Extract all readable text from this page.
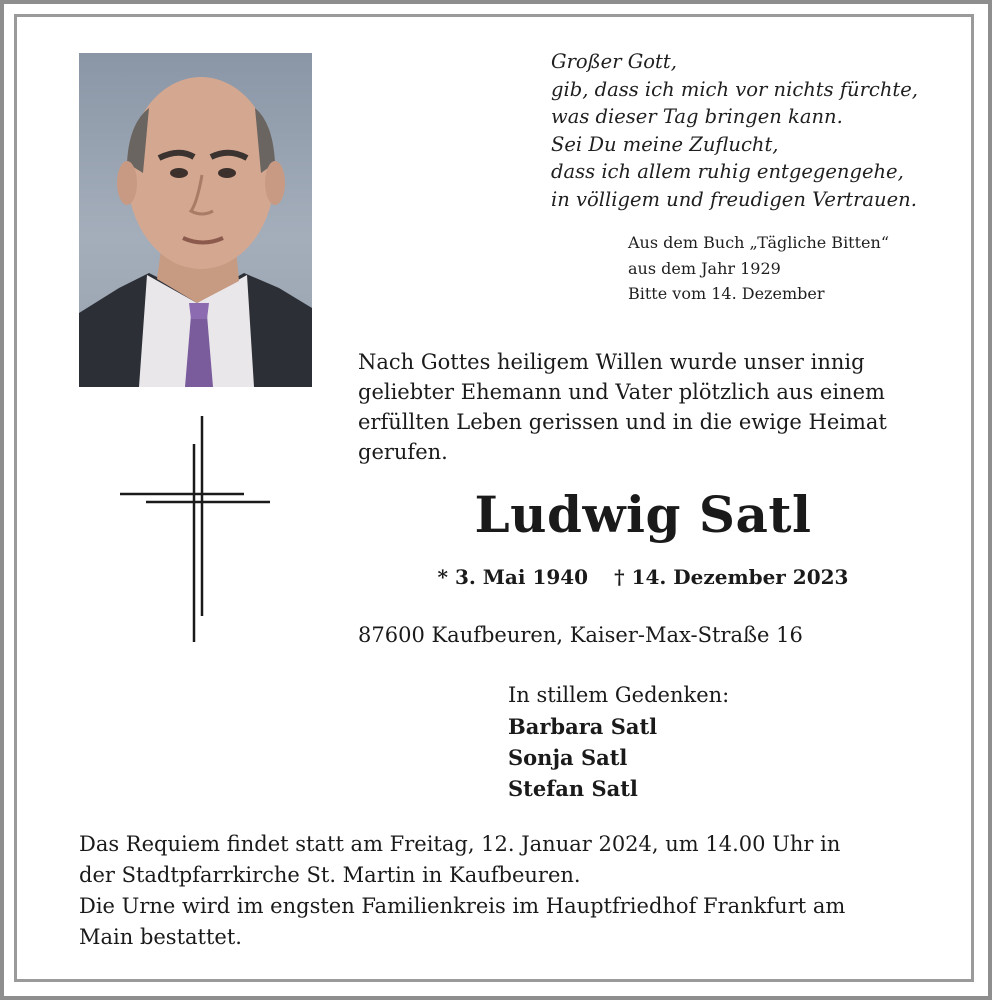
Großer Gott,
gib, dass ich mich vor nichts fürchte,
was dieser Tag bringen kann.
Sei Du meine Zuflucht,
dass ich allem ruhig entgegengehe,
in völligem und freudigen Vertrauen.
Aus dem Buch „Tägliche Bitten“
aus dem Jahr 1929
Bitte vom 14. Dezember
Nach Gottes heiligem Willen wurde unser innig
geliebter Ehemann und Vater plötzlich aus einem
erfüllten Leben gerissen und in die ewige Heimat
gerufen.
Ludwig Satl
* 3. Mai 1940 † 14. Dezember 2023
87600 Kaufbeuren, Kaiser-Max-Straße 16
In stillem Gedenken:
Barbara Satl
Sonja Satl
Stefan Satl
Das Requiem findet statt am Freitag, 12. Januar 2024, um 14.00 Uhr in
der Stadtpfarrkirche St. Martin in Kaufbeuren.
Die Urne wird im engsten Familienkreis im Hauptfriedhof Frankfurt am
Main bestattet.
